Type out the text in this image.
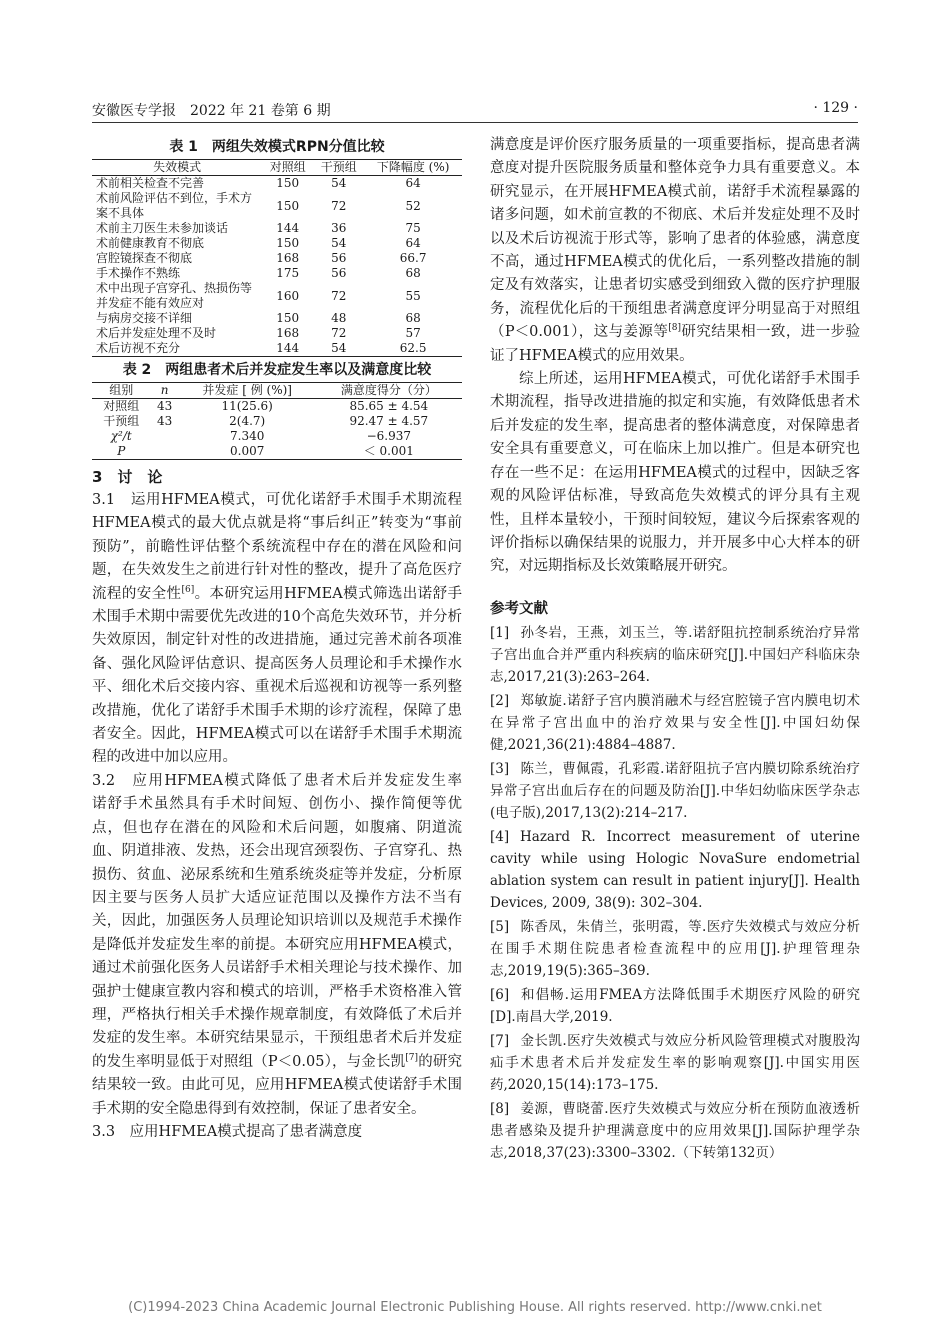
安徽医专学报　2022 年 21 卷第 6 期	· 129 ·
表 1　两组失效模式RPN分值比较
失效模式	对照组	干预组	下降幅度 (%)
术前相关检查不完善	150	54	64
术前风险评估不到位，手术方案不具体	150	72	52
术前主刀医生未参加谈话	144	36	75
术前健康教育不彻底	150	54	64
宫腔镜探查不彻底	168	56	66.7
手术操作不熟练	175	56	68
术中出现子宫穿孔、热损伤等并发症不能有效应对	160	72	55
与病房交接不详细	150	48	68
术后并发症处理不及时	168	72	57
术后访视不充分	144	54	62.5
表 2　两组患者术后并发症发生率以及满意度比较
组别	n	并发症 [ 例 (%)]	满意度得分（分）
对照组	43	11(25.6)	85.65 ± 4.54
干预组	43	2(4.7)	92.47 ± 4.57
χ²/t		7.340	−6.937
P		0.007	＜ 0.001
3　讨　论

3.1　运用HFMEA模式，可优化诺舒手术围手术期流程　HFMEA模式的最大优点就是将“事后纠正”转变为“事前预防”，前瞻性评估整个系统流程中存在的潜在风险和问题，在失效发生之前进行针对性的整改，提升了高危医疗流程的安全性[6]。本研究运用HFMEA模式筛选出诺舒手术围手术期中需要优先改进的10个高危失效环节，并分析失效原因，制定针对性的改进措施，通过完善术前各项准备、强化风险评估意识、提高医务人员理论和手术操作水平、细化术后交接内容、重视术后巡视和访视等一系列整改措施，优化了诺舒手术围手术期的诊疗流程，保障了患者安全。因此，HFMEA模式可以在诺舒手术围手术期流程的改进中加以应用。

3.2　应用HFMEA模式降低了患者术后并发症发生率　诺舒手术虽然具有手术时间短、创伤小、操作简便等优点，但也存在潜在的风险和术后问题，如腹痛、阴道流血、阴道排液、发热，还会出现宫颈裂伤、子宫穿孔、热损伤、贫血、泌尿系统和生殖系统炎症等并发症，分析原因主要与医务人员扩大适应证范围以及操作方法不当有关，因此，加强医务人员理论知识培训以及规范手术操作是降低并发症发生率的前提。本研究应用HFMEA模式，通过术前强化医务人员诺舒手术相关理论与技术操作、加强护士健康宣教内容和模式的培训，严格手术资格准入管理，严格执行相关手术操作规章制度，有效降低了术后并发症的发生率。本研究结果显示，干预组患者术后并发症的发生率明显低于对照组（P＜0.05），与金长凯[7]的研究结果较一致。由此可见，应用HFMEA模式使诺舒手术围手术期的安全隐患得到有效控制，保证了患者安全。

3.3　应用HFMEA模式提高了患者满意度

满意度是评价医疗服务质量的一项重要指标，提高患者满意度对提升医院服务质量和整体竞争力具有重要意义。本研究显示，在开展HFMEA模式前，诺舒手术流程暴露的诸多问题，如术前宣教的不彻底、术后并发症处理不及时以及术后访视流于形式等，影响了患者的体验感，满意度不高，通过HFMEA模式的优化后，一系列整改措施的制定及有效落实，让患者切实感受到细致入微的医疗护理服务，流程优化后的干预组患者满意度评分明显高于对照组（P＜0.001），这与姜源等[8]研究结果相一致，进一步验证了HFMEA模式的应用效果。

综上所述，运用HFMEA模式，可优化诺舒手术围手术期流程，指导改进措施的拟定和实施，有效降低患者术后并发症的发生率，提高患者的整体满意度，对保障患者安全具有重要意义，可在临床上加以推广。但是本研究也存在一些不足：在运用HFMEA模式的过程中，因缺乏客观的风险评估标准，导致高危失效模式的评分具有主观性，且样本量较小，干预时间较短，建议今后探索客观的评价指标以确保结果的说服力，并开展多中心大样本的研究，对远期指标及长效策略展开研究。

参考文献
[1] 孙冬岩，王燕，刘玉兰，等.诺舒阻抗控制系统治疗异常子宫出血合并严重内科疾病的临床研究[J].中国妇产科临床杂志,2017,21(3):263–264.
[2] 郑敏旋.诺舒子宫内膜消融术与经宫腔镜子宫内膜电切术在异常子宫出血中的治疗效果与安全性[J].中国妇幼保健,2021,36(21):4884–4887.
[3] 陈兰，曹佩霞，孔彩霞.诺舒阻抗子宫内膜切除系统治疗异常子宫出血后存在的问题及防治[J].中华妇幼临床医学杂志(电子版),2017,13(2):214–217.
[4] Hazard R. Incorrect measurement of uterine cavity while using Hologic NovaSure endometrial ablation system can result in patient injury[J]. Health Devices, 2009, 38(9): 302–304.
[5] 陈香凤，朱倩兰，张明霞，等.医疗失效模式与效应分析在围手术期住院患者检查流程中的应用[J].护理管理杂志,2019,19(5):365–369.
[6] 和倡畅.运用FMEA方法降低围手术期医疗风险的研究[D].南昌大学,2019.
[7] 金长凯.医疗失效模式与效应分析风险管理模式对腹股沟疝手术患者术后并发症发生率的影响观察[J].中国实用医药,2020,15(14):173–175.
[8] 姜源，曹晓蕾.医疗失效模式与效应分析在预防血液透析患者感染及提升护理满意度中的应用效果[J].国际护理学杂志,2018,37(23):3300–3302.（下转第132页）
(C)1994-2023 China Academic Journal Electronic Publishing House. All rights reserved. http://www.cnki.net
